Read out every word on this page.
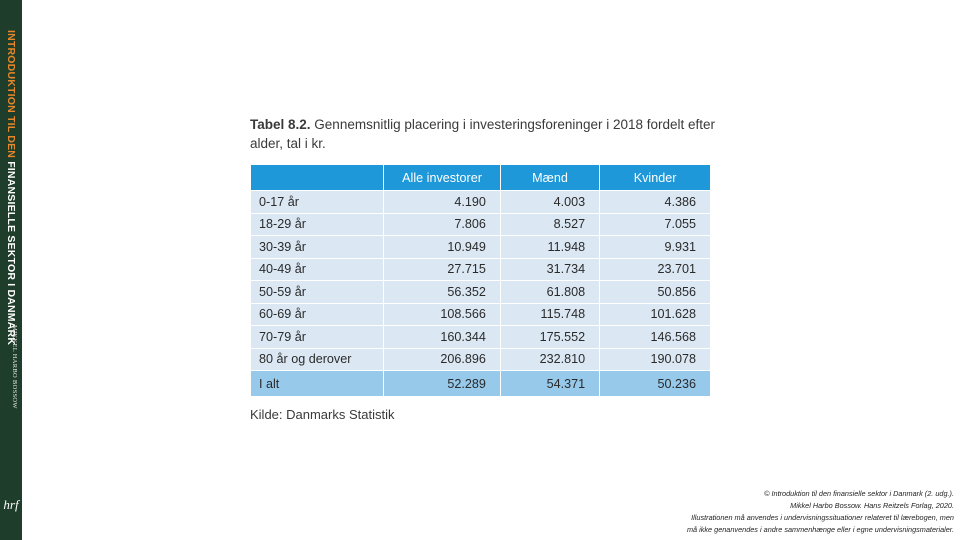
INTRODUKTION TIL DEN FINANSIELLE SEKTOR I DANMARK
MIKKEL HARBO BOSSOW
hrf
Tabel 8.2. Gennemsnitlig placering i investeringsforeninger i 2018 fordelt efter alder, tal i kr.
	Alle investorer	Mænd	Kvinder
0-17 år	4.190	4.003	4.386
18-29 år	7.806	8.527	7.055
30-39 år	10.949	11.948	9.931
40-49 år	27.715	31.734	23.701
50-59 år	56.352	61.808	50.856
60-69 år	108.566	115.748	101.628
70-79 år	160.344	175.552	146.568
80 år og derover	206.896	232.810	190.078
I alt	52.289	54.371	50.236
Kilde: Danmarks Statistik
© Introduktion til den finansielle sektor i Danmark (2. udg.).
Mikkel Harbo Bossow. Hans Reitzels Forlag, 2020.
Illustrationen må anvendes i undervisningssituationer relateret til lærebogen, men
må ikke genanvendes i andre sammenhænge eller i egne undervisningsmaterialer.
